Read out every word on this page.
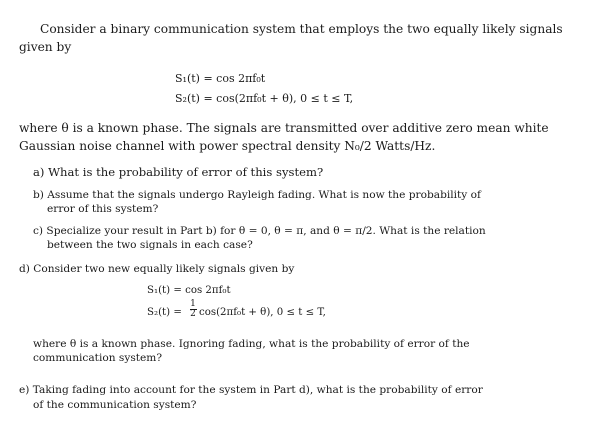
Consider a binary communication system that employs the two equally likely signals
given by
S₁(t) = cos 2πf₀t
S₂(t) = cos(2πf₀t + θ), 0 ≤ t ≤ T,
where θ is a known phase. The signals are transmitted over additive zero mean white
Gaussian noise channel with power spectral density N₀/2 Watts/Hz.
a) What is the probability of error of this system?
b) Assume that the signals undergo Rayleigh fading. What is now the probability of
error of this system?
c) Specialize your result in Part b) for θ = 0, θ = π, and θ = π/2. What is the relation
between the two signals in each case?
d) Consider two new equally likely signals given by
S₁(t) = cos 2πf₀t
S₂(t) =
1
2 cos(2πf₀t + θ), 0 ≤ t ≤ T,
where θ is a known phase. Ignoring fading, what is the probability of error of the
communication system?
e) Taking fading into account for the system in Part d), what is the probability of error
of the communication system?
